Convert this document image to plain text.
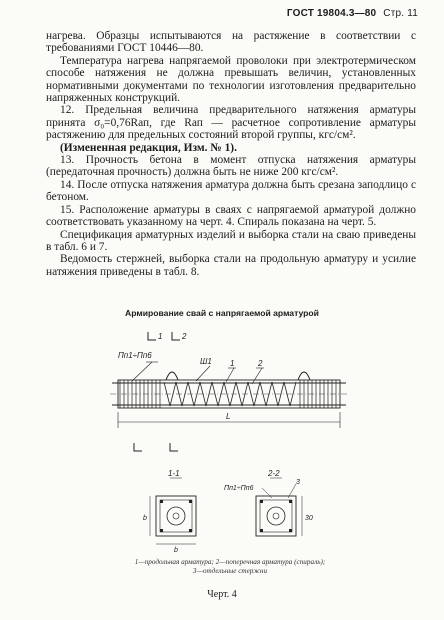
ГОСТ 19804.3—80 Стр. 11

нагрева. Образцы испытываются на растяжение в соответствии с требованиями ГОСТ 10446—80.

Температура нагрева напрягаемой проволоки при электротермическом способе натяжения не должна превышать величин, установленных нормативными документами по технологии изготовления предварительно напряженных конструкций.

12. Предельная величина предварительного натяжения арматуры принята σ₀=0,76Rап, где Rап — расчетное сопротивление арматуры растяжению для предельных состояний второй группы, кгс/см².

(Измененная редакция, Изм. № 1).

13. Прочность бетона в момент отпуска натяжения арматуры (передаточная прочность) должна быть не ниже 200 кгс/см².

14. После отпуска натяжения арматура должна быть срезана заподлицо с бетоном.

15. Расположение арматуры в сваях с напрягаемой арматурой должно соответствовать указанному на черт. 4. Спираль показана на черт. 5.

Спецификация арматурных изделий и выборка стали на сваю приведены в табл. 6 и 7.

Ведомость стержней, выборка стали на продольную арматуру и усилие натяжения приведены в табл. 8.

Армирование свай с напрягаемой арматурой
1 2
Пп1÷Пп6
Ш1 1	2
L
1-1
b
b
2-2
Пп1÷Пп6
3
30
1—продольная арматура; 2—поперечная арматура (спираль);
3—отдельные стержни
Черт. 4
